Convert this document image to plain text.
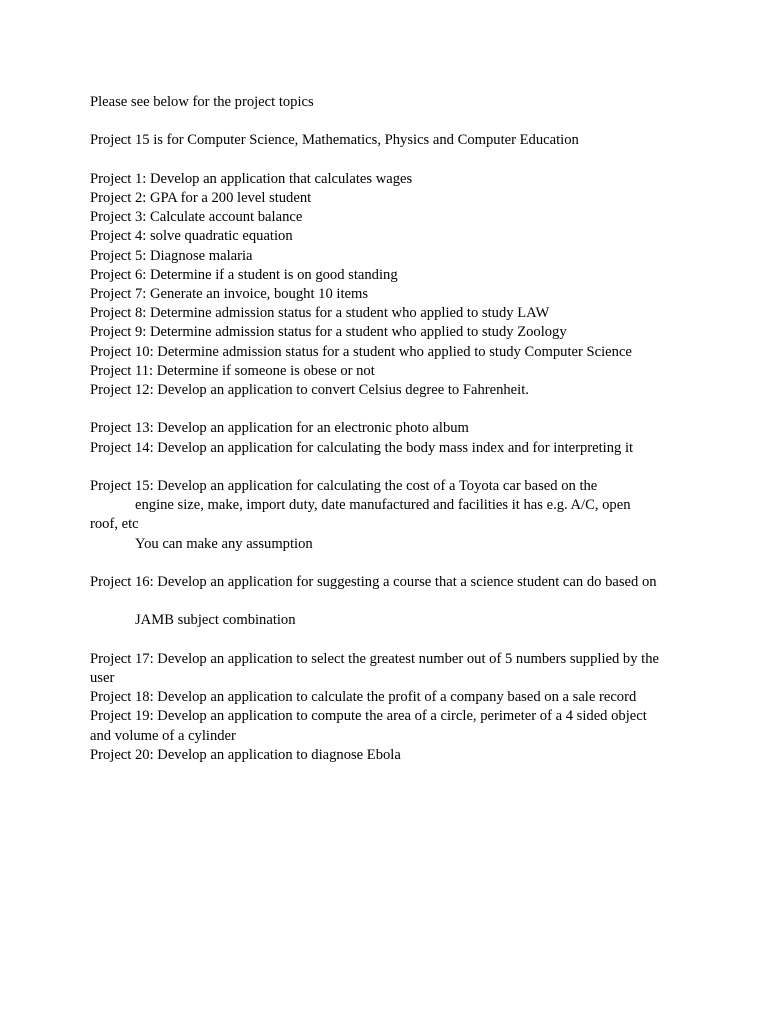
Please see below for the project topics
Project 15 is for Computer Science, Mathematics, Physics and Computer Education
Project 1: Develop an application that calculates wages
Project 2: GPA for a 200 level student
Project 3: Calculate account balance
Project 4: solve quadratic equation
Project 5: Diagnose malaria
Project 6: Determine if a student is on good standing
Project 7: Generate an invoice, bought 10 items
Project 8: Determine admission status for a student who applied to study LAW
Project 9: Determine admission status for a student who applied to study Zoology
Project 10: Determine admission status for a student who applied to study Computer Science
Project 11: Determine if someone is obese or not
Project 12: Develop an application to convert Celsius degree to Fahrenheit.
Project 13: Develop an application for an electronic photo album
Project 14: Develop an application for calculating the body mass index and for interpreting it
Project 15: Develop an application for calculating the cost of a Toyota car based on the
engine size, make, import duty, date manufactured and facilities it has e.g. A/C, open
roof, etc
You can make any assumption
Project 16: Develop an application for suggesting a course that a science student can do based on
JAMB subject combination
Project 17: Develop an application to select the greatest number out of 5 numbers supplied by the
user
Project 18: Develop an application to calculate the profit of a company based on a sale record
Project 19: Develop an application to compute the area of a circle, perimeter of a 4 sided object
and volume of a cylinder
Project 20: Develop an application to diagnose Ebola
